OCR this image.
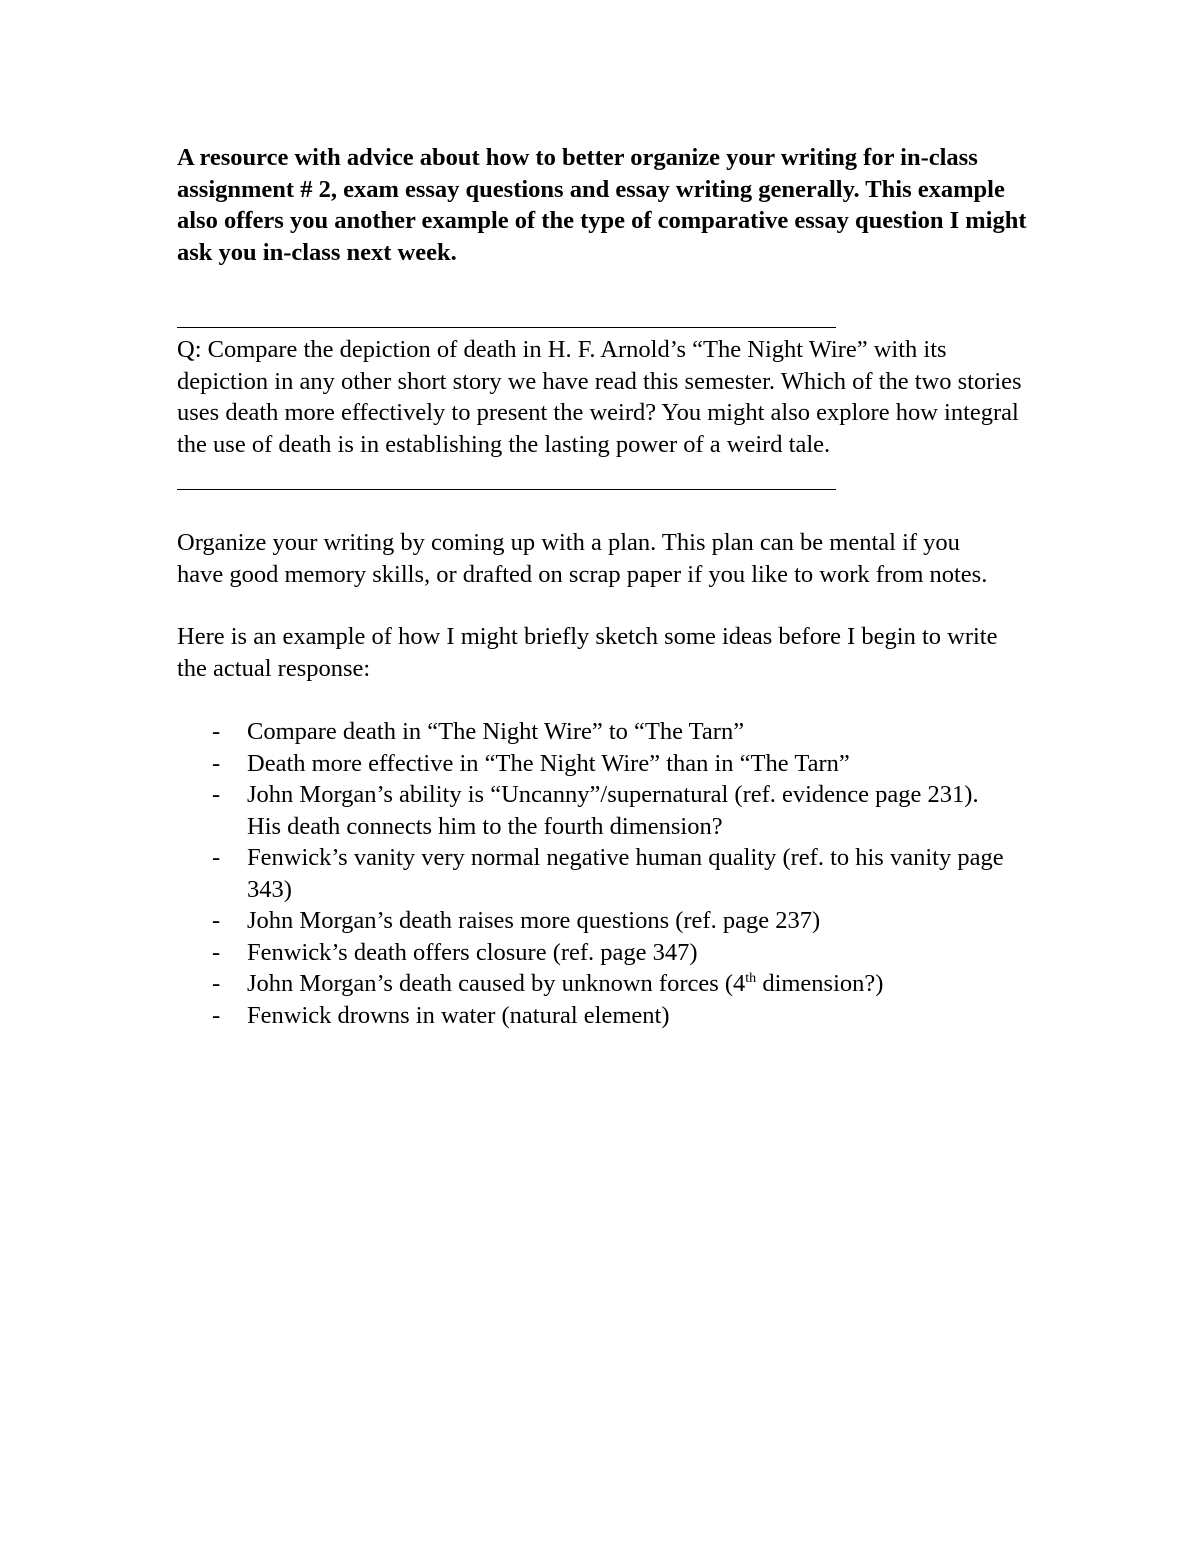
A resource with advice about how to better organize your writing for in-class assignment # 2, exam essay questions and essay writing generally. This example also offers you another example of the type of comparative essay question I might ask you in-class next week.

Q: Compare the depiction of death in H. F. Arnold’s “The Night Wire” with its depiction in any other short story we have read this semester. Which of the two stories uses death more effectively to present the weird? You might also explore how integral the use of death is in establishing the lasting power of a weird tale.

Organize your writing by coming up with a plan. This plan can be mental if you have good memory skills, or drafted on scrap paper if you like to work from notes.

Here is an example of how I might briefly sketch some ideas before I begin to write the actual response:

- Compare death in “The Night Wire” to “The Tarn”
- Death more effective in “The Night Wire” than in “The Tarn”
- John Morgan’s ability is “Uncanny”/supernatural (ref. evidence page 231). His death connects him to the fourth dimension?
- Fenwick’s vanity very normal negative human quality (ref. to his vanity page 343)
- John Morgan’s death raises more questions (ref. page 237)
- Fenwick’s death offers closure (ref. page 347)
- John Morgan’s death caused by unknown forces (4th dimension?)
- Fenwick drowns in water (natural element)
